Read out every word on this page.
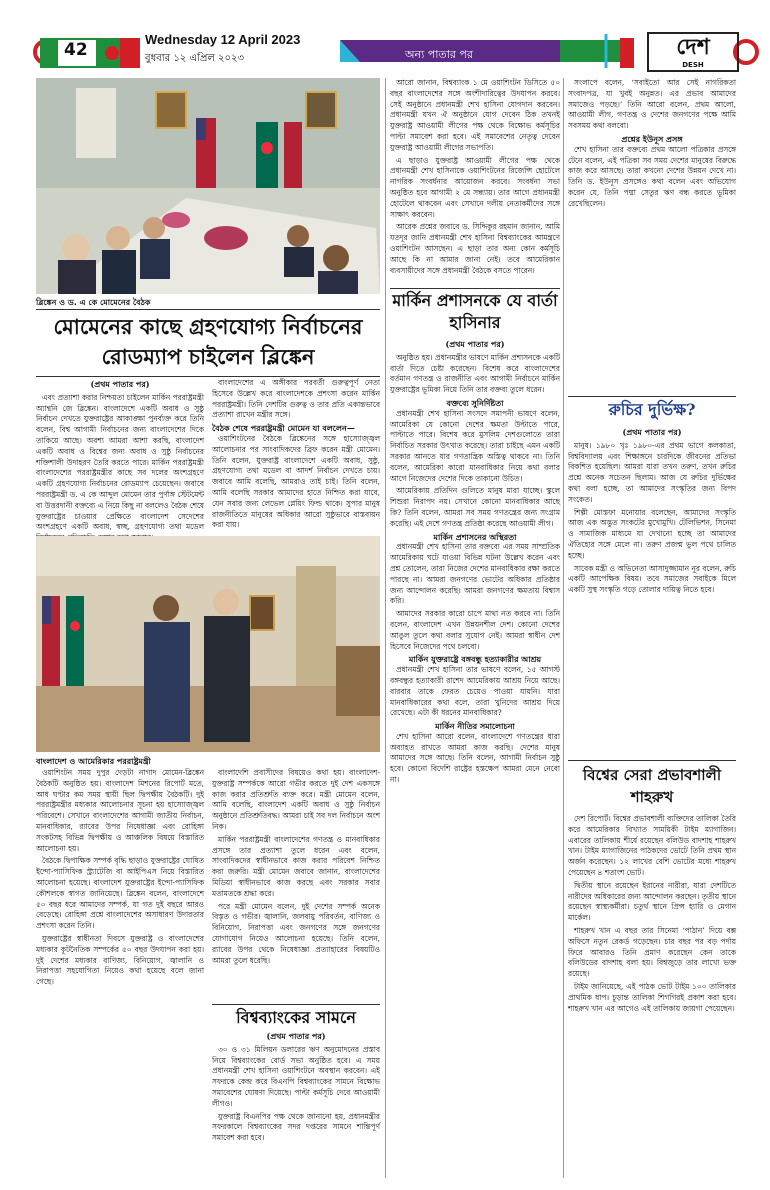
42
Wednesday 12 April 2023
বুধবার ১২ এপ্রিল ২০২৩	অন্য পাতার পর	দেশ
DESH
ব্লিঙ্কেন ও ড. এ কে মোমেনের বৈঠক
মোমেনের কাছে গ্রহণযোগ্য নির্বাচনের রোডম্যাপ চাইলেন ব্লিঙ্কেন
(প্রথম পাতার পর)

এবং প্রত্যাশা করার নিশ্চয়তা চাইলেন মার্কিন পররাষ্ট্রমন্ত্রী অ্যান্থনি জে ব্লিঙ্কেন। বাংলাদেশে একটি অবাধ ও সুষ্ঠু নির্বাচন দেখতে যুক্তরাষ্ট্রের আকাঙ্ক্ষা পুনর্ব্যক্ত করে তিনি বলেন, বিশ্ব আগামী নির্বাচনের জন্য বাংলাদেশের দিকে তাকিয়ে আছে। অবশ্য আমরা আশা করছি, বাংলাদেশ একটি অবাধ ও বিশ্বের জন্য অবাধ ও সুষ্ঠু নির্বাচনের শক্তিশালী উদাহরণ তৈরি করতে পারে। মার্কিন পররাষ্ট্রমন্ত্রী বাংলাদেশের পররাষ্ট্রমন্ত্রীর কাছে সব দলের অংশগ্রহণে একটি গ্রহণযোগ্য নির্বাচনের রোডম্যাপ চেয়েছেন। জবাবে পররাষ্ট্রমন্ত্রী ড. এ কে আব্দুল মোমেন তার পুর্ণাঙ্গ স্টেটমেন্ট বা উত্তরদানী বক্তব্যে এ নিয়ে কিছু না বললেও বৈঠক শেষে যুক্তরাষ্ট্রের চাওয়ার প্রেক্ষিতে বাংলাদেশ সেদেশের অংশগ্রহণে একটি অবাধ, স্বচ্ছ, গ্রহণযোগ্য তথা মডেল

বাংলাদেশের এ অঙ্গীকার পরবর্তী গুরুত্বপূর্ণ নেতা হিসেবে উল্লেখ করে বাংলাদেশকে প্রশংসা করেন মার্কিন পররাষ্ট্রমন্ত্রী। তিনি দেশটির গুরুত্ব ও তার প্রতি একান্তভাবে প্রত্যাশা রাখেন মন্ত্রীর সঙ্গে।

বৈঠক শেষে পররাষ্ট্রমন্ত্রী মোমেন যা বললেন—

ওয়াশিংটনের বৈঠকে ব্লিঙ্কেনের সঙ্গে হাস্যোজ্জ্বল আলোচনার পর সাংবাদিকদের ব্রিফ করেন মন্ত্রী মোমেন। তিনি বলেন, যুক্তরাষ্ট্র বাংলাদেশে একটি অবাধ, সুষ্ঠু, গ্রহণযোগ্য তথা মডেল বা আদর্শ নির্বাচন দেখতে চায়। জবাবে আমি বলেছি, আমরাও তাই চাই। তিনি বলেন, আমি বলেছি সরকার আমাদের হাতে নিশ্চিত করা যাবে, যেন সবার জন্য লেভেল প্লেয়িং ফিল্ড থাকে। সুপার মানুষ রাজনীতিতে মানুষের অধিকার আরো সুষ্ঠুভাবে বাস্তবায়ন করা যায়।

বাংলাদেশ ও আমেরিকার পররাষ্ট্রমন্ত্রী

ওয়াশিংটন সময় দুপুর দেড়টা নাগাদ মোমেন-ব্লিঙ্কেন বৈঠকটি অনুষ্ঠিত হয়। বাংলাদেশ মিশনের রিপোর্ট মতে, আধ ঘণ্টার কম সময় স্থায়ী ছিল দ্বিপক্ষীয় বৈঠকটি। দুই পররাষ্ট্রমন্ত্রীর মধ্যকার আলোচনার সূচনা হয় হাস্যোজ্জ্বল পরিবেশে। সেখানে বাংলাদেশের আগামী জাতীয় নির্বাচন, মানবাধিকার, র‍্যাবের উপর নিষেধাজ্ঞা এবং রোহিঙ্গা সংকটসহ বিভিন্ন দ্বিপক্ষীয় ও আঞ্চলিক বিষয়ে বিস্তারিত আলোচনা হয়।

বৈঠকে দ্বিপাক্ষিক সম্পর্ক বৃদ্ধি ছাড়াও যুক্তরাষ্ট্রের ঘোষিত ইন্দো-প্যাসিফিক স্ট্র্যাটেজি বা আইপিএস নিয়ে বিস্তারিত আলোচনা হয়েছে। বাংলাদেশ যুক্তরাষ্ট্রের ইন্দো-প্যাসিফিক কৌশলকে স্বাগত জানিয়েছে। ব্লিঙ্কেন বলেন, বাংলাদেশে ৫০ বছর ধরে আমাদের সম্পর্ক, যা গত দুই বছরে আরও বেড়েছে। রোহিঙ্গা প্রশ্নে বাংলাদেশের অসাধারণ উদারতার প্রশংসা করেন তিনি।

যুক্তরাষ্ট্রের স্বাধীনতা দিবসে যুক্তরাষ্ট্র ও বাংলাদেশের মধ্যকার কূটনৈতিক সম্পর্কের ৫০ বছর উদযাপন করা হয়। দুই দেশের মধ্যকার বাণিজ্য, বিনিয়োগ, জ্বালানি ও নিরাপত্তা সহযোগিতা নিয়েও কথা হয়েছে বলে জানা গেছে।

বাংলাদেশি প্রবাসীদের বিষয়েও কথা হয়। বাংলাদেশ-যুক্তরাষ্ট্র সম্পর্ককে আরো গভীর করতে দুই দেশ একসঙ্গে কাজ করার প্রতিশ্রুতি ব্যক্ত করে। মন্ত্রী মোমেন বলেন, আমি বলেছি, বাংলাদেশ একটি অবাধ ও সুষ্ঠু নির্বাচন অনুষ্ঠানে প্রতিশ্রুতিবদ্ধ। আমরা চাই সব দল নির্বাচনে অংশ নিক।

মার্কিন পররাষ্ট্রমন্ত্রী বাংলাদেশের গণতন্ত্র ও মানবাধিকার প্রসঙ্গে তার প্রত্যাশা তুলে ধরেন এবং বলেন, সাংবাদিকদের স্বাধীনভাবে কাজ করার পরিবেশ নিশ্চিত করা জরুরি। মন্ত্রী মোমেন জবাবে জানান, বাংলাদেশের মিডিয়া স্বাধীনভাবে কাজ করছে এবং সরকার সবার মতামতকে শ্রদ্ধা করে।

পরে মন্ত্রী মোমেন বলেন, দুই দেশের সম্পর্ক অনেক বিস্তৃত ও গভীর। জ্বালানি, জলবায়ু পরিবর্তন, বাণিজ্য ও বিনিয়োগ, নিরাপত্তা এবং জনগণের সঙ্গে জনগণের যোগাযোগ নিয়েও আলোচনা হয়েছে। তিনি বলেন, র‍্যাবের উপর থেকে নিষেধাজ্ঞা প্রত্যাহারের বিষয়টিও আমরা তুলে ধরেছি।

বিশ্বব্যাংকের সামনে
(প্রথম পাতার পর)

৩০ ও ৩১ মিলিয়ন ডলারের ঋণ অনুমোদনের প্রস্তাব নিয়ে বিশ্বব্যাংকের বোর্ড সভা অনুষ্ঠিত হবে। এ সময় প্রধানমন্ত্রী শেখ হাসিনা ওয়াশিংটনে অবস্থান করবেন। এই সফরকে কেন্দ্র করে বিএনপি বিশ্বব্যাংকের সামনে বিক্ষোভ সমাবেশের ঘোষণা দিয়েছে। পাল্টা কর্মসূচি দেবে আওয়ামী লীগও।

যুক্তরাষ্ট্র বিএনপির পক্ষ থেকে জানানো হয়, প্রধানমন্ত্রীর সফরকালে বিশ্বব্যাংকের সদর দপ্তরের সামনে শান্তিপূর্ণ সমাবেশ করা হবে।

আরো জানান, বিশ্বব্যাংক ১ মে ওয়াশিংটন ডিসিতে ৫০ বছর বাংলাদেশের সঙ্গে অংশীদারিত্বের উদযাপন করবে। সেই অনুষ্ঠানে প্রধানমন্ত্রী শেখ হাসিনা যোগদান করবেন। প্রধানমন্ত্রী যখন ঐ অনুষ্ঠানে যোগ দেবেন ঠিক তখনই যুক্তরাষ্ট্র আওয়ামী লীগের পক্ষ থেকে বিক্ষোভ কর্মসূচির পাল্টা সমাবেশ করা হবে। এই সমাবেশের নেতৃত্ব দেবেন যুক্তরাষ্ট্র আওয়ামী লীগের সভাপতি।

এ ছাড়াও যুক্তরাষ্ট্র আওয়ামী লীগের পক্ষ থেকে প্রধানমন্ত্রী শেখ হাসিনাকে ওয়াশিংটনের রিজেন্সি হোটেলে নাগরিক সংবর্ধনার আয়োজন করবে। সংবর্ধনা সভা অনুষ্ঠিত হবে আগামী ২ মে সন্ধ্যায়। তার আগে প্রধানমন্ত্রী হোটেলে থাকবেন এবং সেখানে দলীয় নেতাকর্মীদের সঙ্গে সাক্ষাৎ করবেন।

আরেক প্রশ্নের জবাবে ড. সিদ্দিকুর রহমান জানান, আমি যতদূর জানি প্রধানমন্ত্রী শেখ হাসিনা বিশ্বব্যাংকের আমন্ত্রণে ওয়াশিংটন আসছেন। এ ছাড়া তার অন্য কোন কর্মসূচি আছে কি না আমার জানা নেই। তবে আমেরিকান ব্যবসায়ীদের সঙ্গে প্রধানমন্ত্রী বৈঠকে বসতে পারেন।

মার্কিন প্রশাসনকে যে বার্তা হাসিনার
(প্রথম পাতার পর)

অনুষ্ঠিত হয়। প্রধানমন্ত্রীর ভাষণে মার্কিন প্রশাসনকে একটি বার্তা দিতে চেষ্টা করেছেন। বিশেষ করে বাংলাদেশের বর্তমান গণতন্ত্র ও রাজনীতি এবং আগামী নির্বাচনে মার্কিন যুক্তরাষ্ট্রের ভূমিকা নিয়ে তিনি তার বক্তব্য তুলে ধরেন।

বক্তব্যে সুনির্দিষ্টতা

প্রধানমন্ত্রী শেখ হাসিনা সংসদে সমাপনী ভাষণে বলেন, আমেরিকা যে কোনো দেশের ক্ষমতা উল্টাতে পারে, পাল্টাতে পারে। বিশেষ করে মুসলিম দেশগুলোতে তারা নির্বাচিত সরকার উৎখাত করেছে। তারা চাইছে এমন একটি সরকার আনতে যার গণতান্ত্রিক অস্তিত্ব থাকবে না। তিনি বলেন, আমেরিকা কারো মানবাধিকার নিয়ে কথা বলার আগে নিজেদের দেশের দিকে তাকানো উচিত।

আমেরিকায় প্রতিদিন গুলিতে মানুষ মারা যাচ্ছে। স্কুলে শিশুরা নিরাপদ নয়। সেখানে কোনো মানবাধিকার আছে কি? তিনি বলেন, আমরা সব সময় গণতন্ত্রের জন্য সংগ্রাম করেছি। এই দেশে গণতন্ত্র প্রতিষ্ঠা করেছে আওয়ামী লীগ।

মার্কিন প্রশাসনের অস্থিরতা

প্রধানমন্ত্রী শেখ হাসিনা তার বক্তব্যে এর সময় সাম্প্রতিক আমেরিকায় ঘটে যাওয়া বিভিন্ন ঘটনা উল্লেখ করেন এবং প্রশ্ন তোলেন, তারা নিজের দেশের মানবাধিকার রক্ষা করতে পারছে না। আমরা জনগণের ভোটের অধিকার প্রতিষ্ঠার জন্য আন্দোলন করেছি। আমরা জনগণের ক্ষমতায় বিশ্বাস করি।

আমাদের সরকার কারো চাপে মাথা নত করবে না। তিনি বলেন, বাংলাদেশ এখন উন্নয়নশীল দেশ। কোনো দেশের আঙুল তুলে কথা বলার সুযোগ নেই। আমরা স্বাধীন দেশ হিসেবে নিজেদের পথে চলবো।

মার্কিন যুক্তরাষ্ট্রে বঙ্গবন্ধু হত্যাকারীর আশ্রয়

প্রধানমন্ত্রী শেখ হাসিনা তার ভাষণে বলেন, ১৫ আগস্ট বঙ্গবন্ধুর হত্যাকারী রাশেদ আমেরিকায় আশ্রয় নিয়ে আছে। বারবার তাকে ফেরত চেয়েও পাওয়া যায়নি। যারা মানবাধিকারের কথা বলে, তারা খুনিদের আশ্রয় দিয়ে রেখেছে। এটা কী ধরনের মানবাধিকার?

মার্কিন নীতির সমালোচনা

শেখ হাসিনা আরো বলেন, বাংলাদেশে গণতন্ত্রের ধারা অব্যাহত রাখতে আমরা কাজ করছি। দেশের মানুষ আমাদের সঙ্গে আছে। তিনি বলেন, আগামী নির্বাচন সুষ্ঠু হবে। কোনো বিদেশি রাষ্ট্রের হস্তক্ষেপ আমরা মেনে নেবো না।

সংলাপে বলেন, ‘সবাইতো আর সেই নাগরিকতা সংবাদপত্র, যা খুবই অনুন্নত। এর প্রভাব আমাদের সমাজেও পড়ছে।’ তিনি আরো বলেন, প্রথম আলো, আওয়ামী লীগ, গণতন্ত্র ও দেশের জনগণের পক্ষে আমি সবসময় কথা বলবো।

প্রশ্নের ইউনূস প্রসঙ্গ

শেখ হাসিনা তার বক্তব্যে প্রথম আলো পত্রিকার প্রসঙ্গে টেনে বলেন, এই পত্রিকা সব সময় দেশের মানুষের বিরুদ্ধে কাজ করে আসছে। তারা কখনো দেশের উন্নয়ন দেখে না। তিনি ড. ইউনূস প্রসঙ্গেও কথা বলেন এবং অভিযোগ করেন যে, তিনি পদ্মা সেতুর ঋণ বন্ধ করতে ভূমিকা রেখেছিলেন।

রুচির দুর্ভিক্ষ?
(প্রথম পাতার পর)

মানুষ। ১৯৮০ খৃঃ ১৯৮০-এর প্রথম ভাগে কলকাতা, বিশ্ববিদ্যালয় এবং শিক্ষাঙ্গনে চারদিকে জীবনের প্রতিভা বিকশিত হয়েছিল। আমরা যারা তখন তরুণ, তখন রুচির প্রশ্নে অনেক সচেতন ছিলাম। আজ যে রুচির দুর্ভিক্ষের কথা বলা হচ্ছে, তা আমাদের সংস্কৃতির জন্য বিপদ সংকেত।

শিল্পী মোস্তফা মনোয়ার বলেছেন, আমাদের সংস্কৃতি আজ এক অদ্ভুত সংকটের মুখোমুখি। টেলিভিশন, সিনেমা ও সামাজিক মাধ্যমে যা দেখানো হচ্ছে তা আমাদের ঐতিহ্যের সঙ্গে মেলে না। তরুণ প্রজন্ম ভুল পথে চালিত হচ্ছে।

সাবেক মন্ত্রী ও অভিনেতা আসাদুজ্জামান নূর বলেন, রুচি একটি আপেক্ষিক বিষয়। তবে সমাজের সবাইকে মিলে একটি সুস্থ সংস্কৃতি গড়ে তোলার দায়িত্ব নিতে হবে।

বিশ্বের সেরা প্রভাবশালী শাহরুখ

দেশ রিপোর্ট। বিশ্বের প্রভাবশালী ব্যক্তিদের তালিকা তৈরি করে আমেরিকার বিখ্যাত সাময়িকী টাইম ম্যাগাজিন। এবারের তালিকায় শীর্ষে রয়েছেন বলিউড বাদশাহ শাহরুখ খান। টাইম ম্যাগাজিনের পাঠকদের ভোটে তিনি প্রথম স্থান অর্জন করেছেন। ১২ লাখের বেশি ভোটের মধ্যে শাহরুখ পেয়েছেন ৪ শতাংশ ভোট।

দ্বিতীয় স্থানে রয়েছেন ইরানের নারীরা, যারা দেশটিতে নারীদের অধিকারের জন্য আন্দোলন করছেন। তৃতীয় স্থানে রয়েছেন স্বাস্থ্যকর্মীরা। চতুর্থ স্থানে প্রিন্স হ্যারি ও মেগান মার্কেল।

শাহরুখ খান এ বছর তার সিনেমা ‘পাঠান’ দিয়ে বক্স অফিসে নতুন রেকর্ড গড়েছেন। চার বছর পর বড় পর্দায় ফিরে আবারও তিনি প্রমাণ করেছেন কেন তাকে বলিউডের বাদশাহ বলা হয়। বিশ্বজুড়ে তার লাখো ভক্ত রয়েছে।

টাইম জানিয়েছে, এই পাঠক ভোট টাইম ১০০ তালিকার প্রাথমিক ধাপ। চূড়ান্ত তালিকা শিগগিরই প্রকাশ করা হবে। শাহরুখ খান এর আগেও এই তালিকায় জায়গা পেয়েছেন।
